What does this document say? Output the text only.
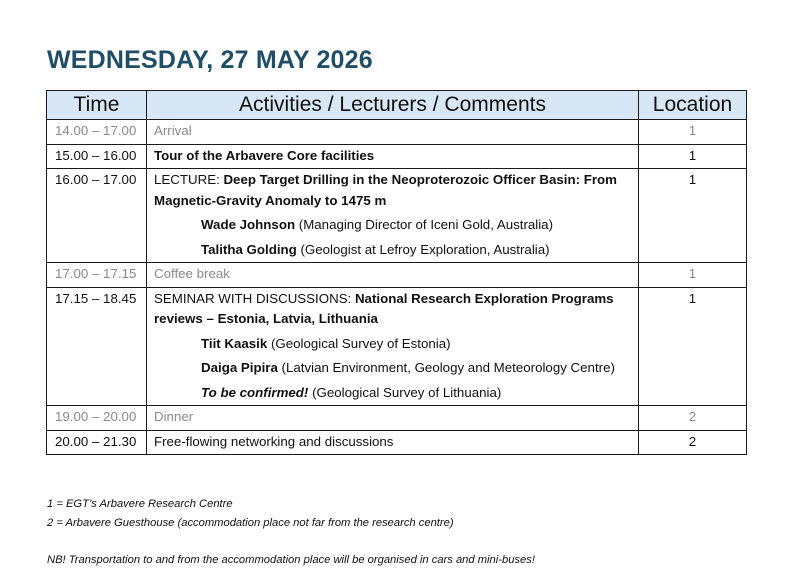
WEDNESDAY, 27 MAY 2026
Time	Activities / Lecturers / Comments	Location
14.00 – 17.00	Arrival	1
15.00 – 16.00	Tour of the Arbavere Core facilities	1
16.00 – 17.00	LECTURE: Deep Target Drilling in the Neoproterozoic Officer Basin: From Magnetic-Gravity Anomaly to 1475 m
Wade Johnson (Managing Director of Iceni Gold, Australia)
Talitha Golding (Geologist at Lefroy Exploration, Australia)	1
17.00 – 17.15	Coffee break	1
17.15 – 18.45	SEMINAR WITH DISCUSSIONS: National Research Exploration Programs reviews – Estonia, Latvia, Lithuania
Tiit Kaasik (Geological Survey of Estonia)
Daiga Pipira (Latvian Environment, Geology and Meteorology Centre)
To be confirmed! (Geological Survey of Lithuania)	1
19.00 – 20.00	Dinner	2
20.00 – 21.30	Free-flowing networking and discussions	2
1 = EGT’s Arbavere Research Centre
2 = Arbavere Guesthouse (accommodation place not far from the research centre)
NB! Transportation to and from the accommodation place will be organised in cars and mini-buses!
